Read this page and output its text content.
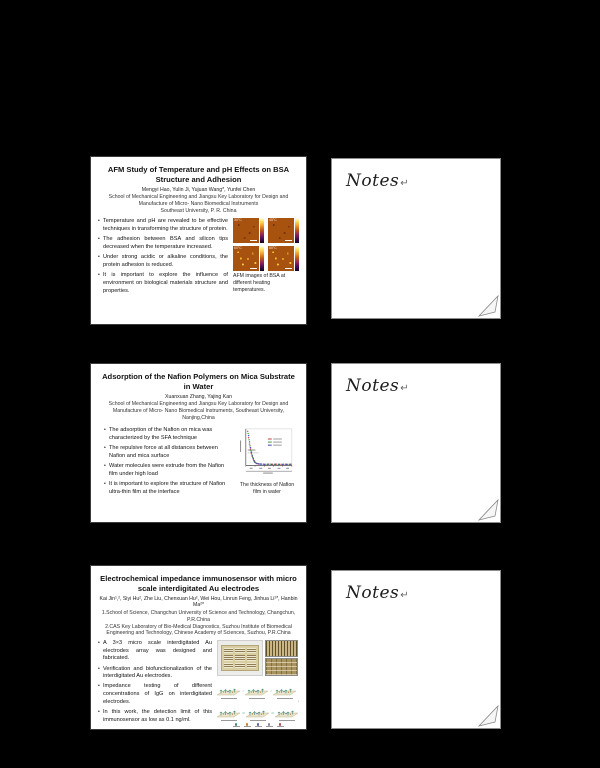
AFM Study of Temperature and pH Effects on BSA Structure and Adhesion
Mengyi Hao, Yulin Ji, Yujuan Wang*, Yunfei Chen
School of Mechanical Engineering and Jiangsu Key Laboratory for Design and Manufacture of Micro- Nano Biomedical Instruments
Southeast University, P. R. China
• Temperature and pH are revealed to be effective techniques in transforming the structure of protein.
• The adhesion between BSA and silicon tips decreased when the temperature increased.
• Under strong acidic or alkaline conditions, the protein adhesion is reduced.
• It is important to explore the influence of environment on biological materials structure and properties.
30°C	45°C
60°C	80°C
AFM images of BSA at different heating temperatures.
Adsorption of the Nafion Polymers on Mica Substrate in Water
Xuanxuan Zhang, Yajing Kan
School of Mechanical Engineering and Jiangsu Key Laboratory for Design and Manufacture of Micro- Nano Biomedical Instruments, Southeast University, Nanjing,China
• The adsorption of the Nafion on mica was characterized by the SFA technique
• The repulsive force at all distances between Nafion and mica surface
• Water molecules were extrude from the Nafion film under high load
• It is important to explore the structure of Nafion ultra-thin film at the interface
The thickness of Nafion film in water
Electrochemical impedance immunosensor with micro scale interdigitated Au electrodes
Kai Jin¹,², Siyi Hu², Zhe Liu, Chenxuan Hu², Wei Hou, Linrun Feng, Jinhua Li¹*, Hanbin Ma²*
1.School of Science, Changchun University of Science and Technology, Changchun, P.R.China
2.CAS Key Laboratory of Bio-Medical Diagnostics, Suzhou Institute of Biomedical Engineering and Technology, Chinese Academy of Sciences, Suzhou, P.R.China
• A 3×3 micro scale interdigitated Au electrodes array was designed and fabricated.
• Verification and biofunctionalization of the interdigitated Au electrodes.
• Impedance testing of different concentrations of IgG on interdigitated electrodes.
• In this work, the detection limit of this immunosensor as low as 0.1 ng/ml.
Notes↵
Notes↵
Notes↵
